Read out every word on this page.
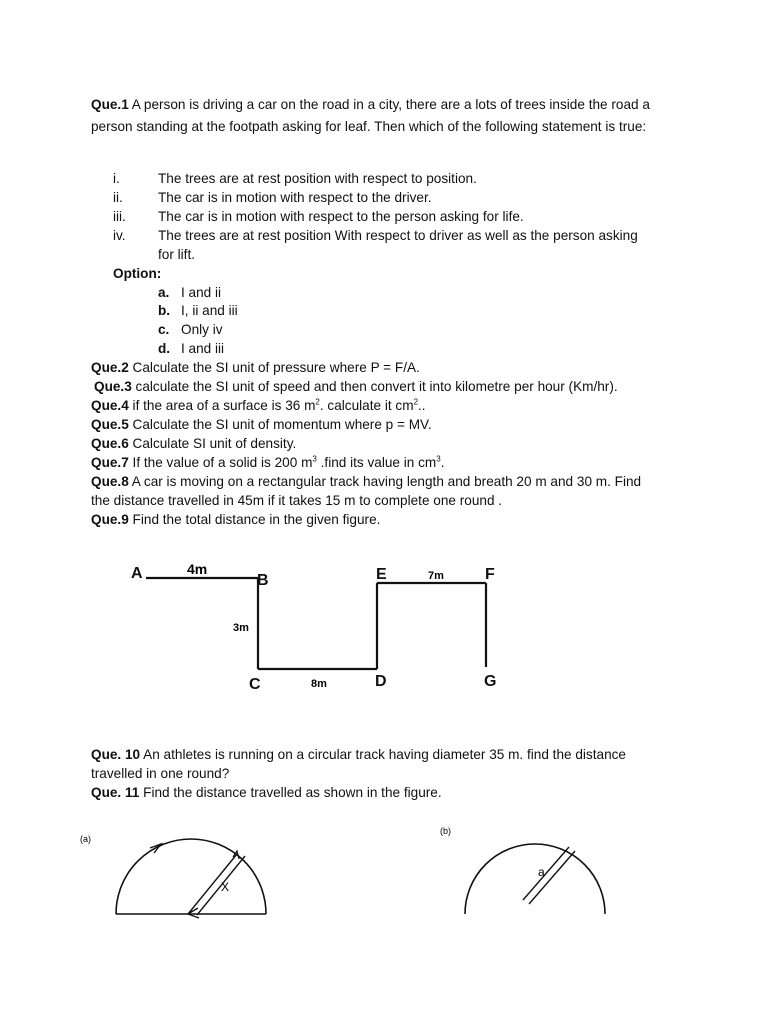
Que.1 A person is driving a car on the road in a city, there are a lots of trees inside the road a person standing at the footpath asking for leaf. Then which of the following statement is true:
i.	The trees are at rest position with respect to position.
ii.	The car is in motion with respect to the driver.
iii. The car is in motion with respect to the person asking for life.
iv. The trees are at rest position With respect to driver as well as the person asking
for lift.
Option:
a. I and ii
b. I, ii and iii
c. Only iv
d. I and iii
Que.2 Calculate the SI unit of pressure where P = F/A.
Que.3 calculate the SI unit of speed and then convert it into kilometre per hour (Km/hr).
Que.4 if the area of a surface is 36 $m^2$. calculate it $cm^2$..
Que.5 Calculate the SI unit of momentum where p = MV.
Que.6 Calculate SI unit of density.
Que.7 If the value of a solid is 200 $m^3$ .find its value in $cm^3$.
Que.8 A car is moving on a rectangular track having length and breath 20 m and 30 m. Find
the distance travelled in 45m if it takes 15 m to complete one round .
Que.9 Find the total distance in the given figure.
A	B
C	D
E	F
G
4m
3m
8m
7m
Que. 10 An athletes is running on a circular track having diameter 35 m. find the distance
travelled in one round?
Que. 11 Find the distance travelled as shown in the figure.
(a)
X
(b)
a
